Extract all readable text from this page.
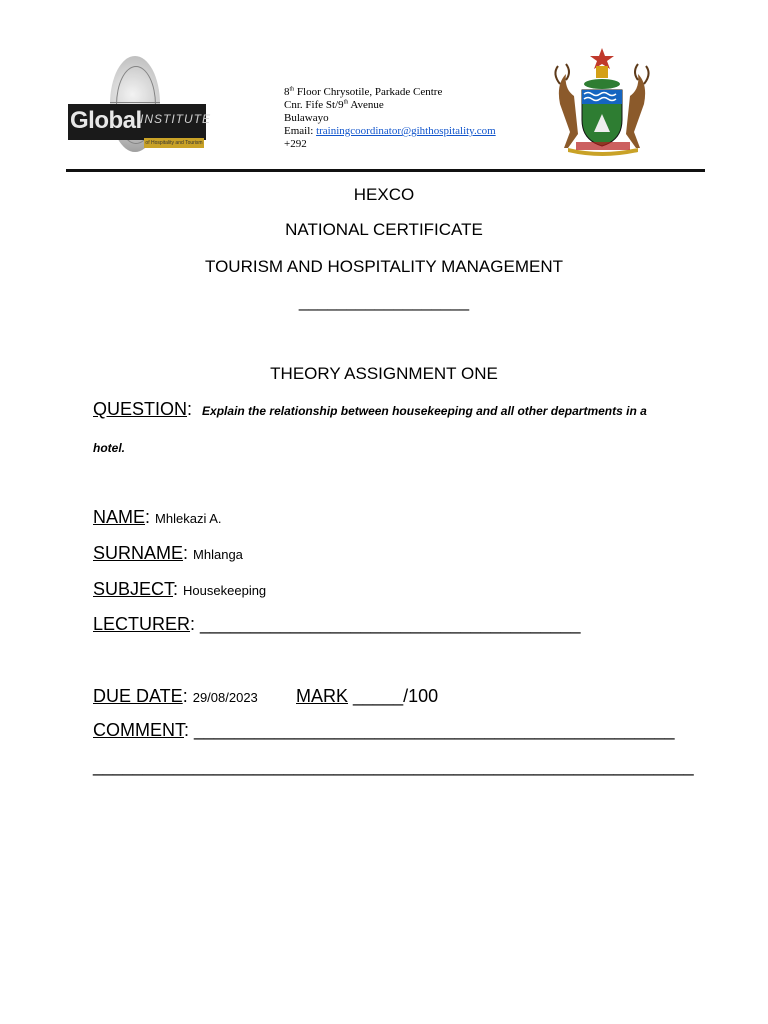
Global
INSTITUTE
of Hospitality and Tourism
8th Floor Chrysotile, Parkade Centre
Cnr. Fife St/9th Avenue
Bulawayo
Email: trainingcoordinator@gihthospitality.com
+292
HEXCO
NATIONAL CERTIFICATE
TOURISM AND HOSPITALITY MANAGEMENT
__________________
THEORY ASSIGNMENT ONE
QUESTION: Explain the relationship between housekeeping and all other departments in a
hotel.
NAME: Mhlekazi A.
SURNAME: Mhlanga
SUBJECT: Housekeeping
LECTURER: ______________________________________
DUE DATE: 29/08/2023 MARK _____/100
COMMENT: ________________________________________________
____________________________________________________________
